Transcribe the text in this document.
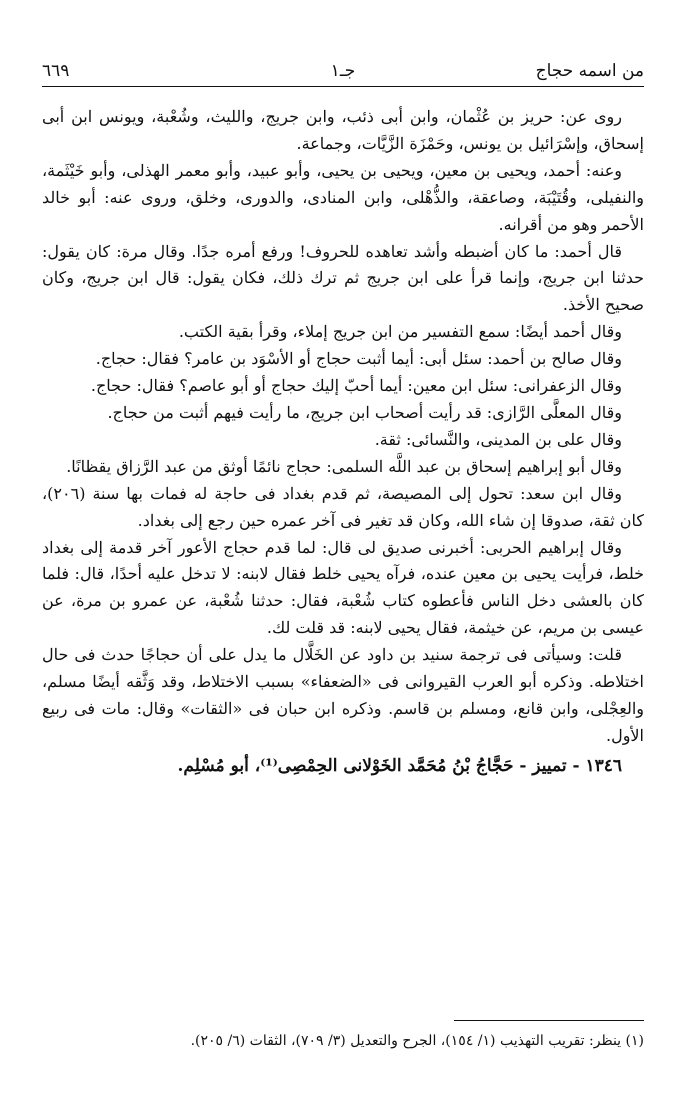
من اسمه حجاج
جـ١
٦٦٩

روى عن: حريز بن عُثْمان، وابن أبى ذئب، وابن جريج، والليث، وشُعْبة، ويونس ابن أبى إسحاق، وإسْرَائيل بن يونس، وحَمْزَة الزَّيَّات، وجماعة.

وعنه: أحمد، ويحيى بن معين، ويحيى بن يحيى، وأبو عبيد، وأبو معمر الهذلى، وأبو خَيْثَمة، والنفيلى، وقُتَيْبَة، وصاعقة، والذُّهْلى، وابن المنادى، والدورى، وخلق، وروى عنه: أبو خالد الأحمر وهو من أقرانه.

قال أحمد: ما كان أضبطه وأشد تعاهده للحروف! ورفع أمره جدًا. وقال مرة: كان يقول: حدثنا ابن جريج، وإنما قرأ على ابن جريج ثم ترك ذلك، فكان يقول: قال ابن جريج، وكان صحيح الأخذ.

وقال أحمد أيضًا: سمع التفسير من ابن جريج إملاء، وقرأ بقية الكتب.

وقال صالح بن أحمد: سئل أبى: أيما أثبت حجاج أو الأسْوَد بن عامر؟ فقال: حجاج.

وقال الزعفرانى: سئل ابن معين: أيما أحبّ إليك حجاج أو أبو عاصم؟ فقال: حجاج.

وقال المعلَّى الرَّازى: قد رأيت أصحاب ابن جريج، ما رأيت فيهم أثبت من حجاج.

وقال على بن المدينى، والنَّسائى: ثقة.

وقال أبو إبراهيم إسحاق بن عبد اللَّه السلمى: حجاج نائمًا أوثق من عبد الرَّزاق يقظانًا.

وقال ابن سعد: تحول إلى المصيصة، ثم قدم بغداد فى حاجة له فمات بها سنة (٢٠٦)، كان ثقة، صدوقا إن شاء الله، وكان قد تغير فى آخر عمره حين رجع إلى بغداد.

وقال إبراهيم الحربى: أخبرنى صديق لى قال: لما قدم حجاج الأعور آخر قدمة إلى بغداد خلط، فرأيت يحيى بن معين عنده، فرآه يحيى خلط فقال لابنه: لا تدخل عليه أحدًا، قال: فلما كان بالعشى دخل الناس فأعطوه كتاب شُعْبة، فقال: حدثنا شُعْبة، عن عمرو بن مرة، عن عيسى بن مريم، عن خيثمة، فقال يحيى لابنه: قد قلت لك.

قلت: وسيأتى فى ترجمة سنيد بن داود عن الخَلَّال ما يدل على أن حجاجًا حدث فى حال اختلاطه. وذكره أبو العرب القيروانى فى «الضعفاء» بسبب الاختلاط، وقد وَثَّقه أيضًا مسلم، والعِجْلى، وابن قانع، ومسلم بن قاسم. وذكره ابن حبان فى «الثقات» وقال: مات فى ربيع الأول.

١٣٤٦ - تمييز - حَجَّاجُ بْنُ مُحَمَّد الخَوْلانى الحِمْصِى⁽¹⁾، أبو مُسْلِم.

(١) ينظر: تقريب التهذيب (١/ ١٥٤)، الجرح والتعديل (٣/ ٧٠٩)، الثقات (٦/ ٢٠٥).
